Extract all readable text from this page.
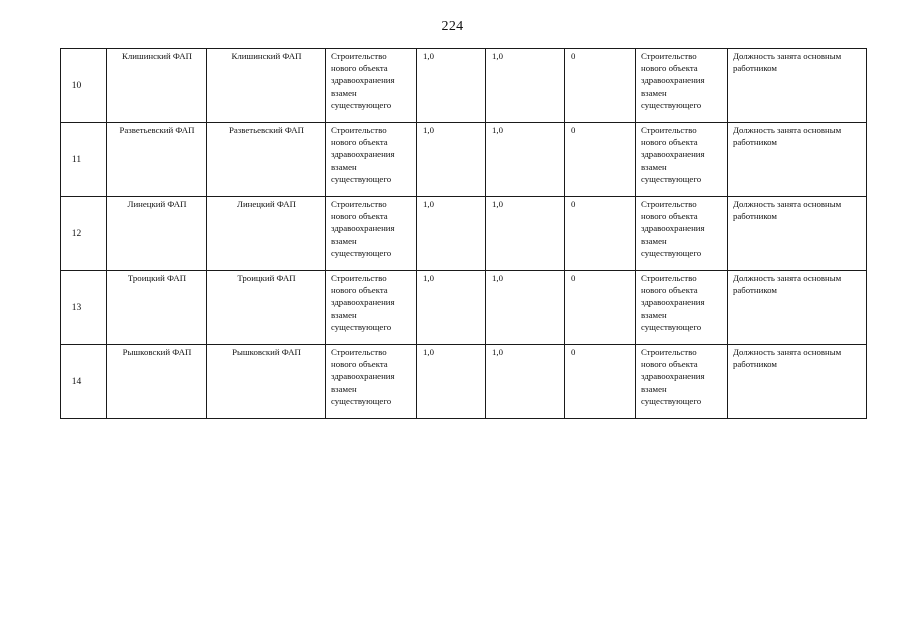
224
10	Клишинский ФАП	Клишинский ФАП	Строительство нового объекта здравоохранения взамен существующего	1,0	1,0	0	Строительство нового объекта здравоохранения взамен существующего	Должность занята основным работником
11	Разветьевский ФАП	Разветьевский ФАП	Строительство нового объекта здравоохранения взамен существующего	1,0	1,0	0	Строительство нового объекта здравоохранения взамен существующего	Должность занята основным работником
12	Линецкий ФАП	Линецкий ФАП	Строительство нового объекта здравоохранения взамен существующего	1,0	1,0	0	Строительство нового объекта здравоохранения взамен существующего	Должность занята основным работником
13	Троицкий ФАП	Троицкий ФАП	Строительство нового объекта здравоохранения взамен существующего	1,0	1,0	0	Строительство нового объекта здравоохранения взамен существующего	Должность занята основным работником
14	Рышковский ФАП	Рышковский ФАП	Строительство нового объекта здравоохранения взамен существующего	1,0	1,0	0	Строительство нового объекта здравоохранения взамен существующего	Должность занята основным работником
